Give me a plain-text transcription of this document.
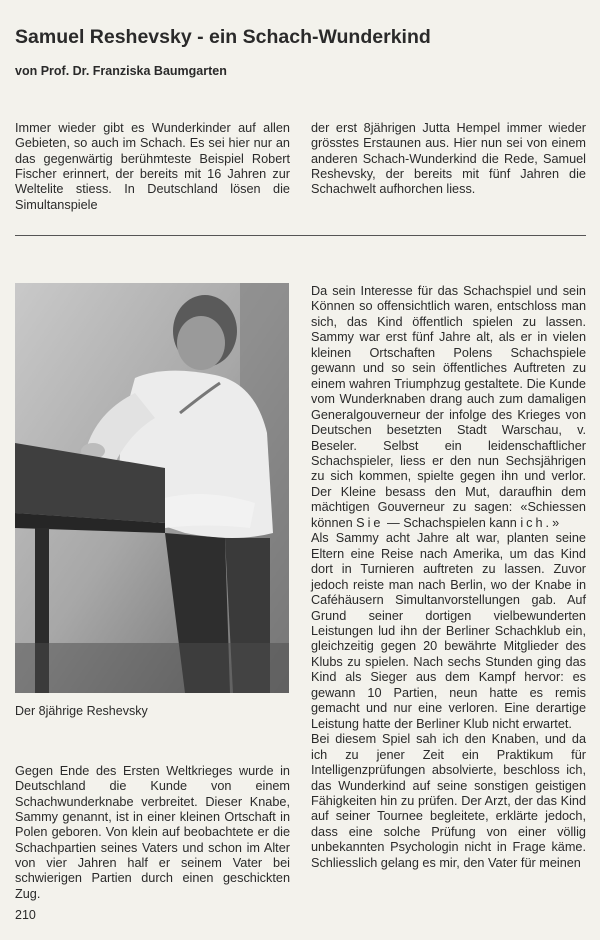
Samuel Reshevsky - ein Schach-Wunderkind
von Prof. Dr. Franziska Baumgarten

Immer wieder gibt es Wunderkinder auf allen Gebieten, so auch im Schach. Es sei hier nur an das gegenwärtig berühmteste Beispiel Robert Fischer erinnert, der bereits mit 16 Jahren zur Weltelite stiess. In Deutschland lösen die Simultanspiele

der erst 8jährigen Jutta Hempel immer wieder grösstes Erstaunen aus. Hier nun sei von einem anderen Schach-Wunderkind die Rede, Samuel Reshevsky, der bereits mit fünf Jahren die Schachwelt aufhorchen liess.

Der 8jährige Reshevsky

Gegen Ende des Ersten Weltkrieges wurde in Deutschland die Kunde von einem Schachwunderknabe verbreitet. Dieser Knabe, Sammy genannt, ist in einer kleinen Ortschaft in Polen geboren. Von klein auf beobachtete er die Schachpartien seines Vaters und schon im Alter von vier Jahren half er seinem Vater bei schwierigen Partien durch einen geschickten Zug.

Da sein Interesse für das Schachspiel und sein Können so offensichtlich waren, entschloss man sich, das Kind öffentlich spielen zu lassen. Sammy war erst fünf Jahre alt, als er in vielen kleinen Ortschaften Polens Schachspiele gewann und so sein öffentliches Auftreten zu einem wahren Triumphzug gestaltete. Die Kunde vom Wunderknaben drang auch zum damaligen Generalgouverneur der infolge des Krieges von Deutschen besetzten Stadt Warschau, v. Beseler. Selbst ein leidenschaftlicher Schachspieler, liess er den nun Sechsjährigen zu sich kommen, spielte gegen ihn und verlor. Der Kleine besass den Mut, daraufhin dem mächtigen Gouverneur zu sagen: «Schiessen können Sie — Schachspielen kann ich.»

Als Sammy acht Jahre alt war, planten seine Eltern eine Reise nach Amerika, um das Kind dort in Turnieren auftreten zu lassen. Zuvor jedoch reiste man nach Berlin, wo der Knabe in Caféhäusern Simultanvorstellungen gab. Auf Grund seiner dortigen vielbewunderten Leistungen lud ihn der Berliner Schachklub ein, gleichzeitig gegen 20 bewährte Mitglieder des Klubs zu spielen. Nach sechs Stunden ging das Kind als Sieger aus dem Kampf hervor: es gewann 10 Partien, neun hatte es remis gemacht und nur eine verloren. Eine derartige Leistung hatte der Berliner Klub nicht erwartet.

Bei diesem Spiel sah ich den Knaben, und da ich zu jener Zeit ein Praktikum für Intelligenzprüfungen absolvierte, beschloss ich, das Wunderkind auf seine sonstigen geistigen Fähigkeiten hin zu prüfen. Der Arzt, der das Kind auf seiner Tournee begleitete, erklärte jedoch, dass eine solche Prüfung von einer völlig unbekannten Psychologin nicht in Frage käme. Schliesslich gelang es mir, den Vater für meinen

210
